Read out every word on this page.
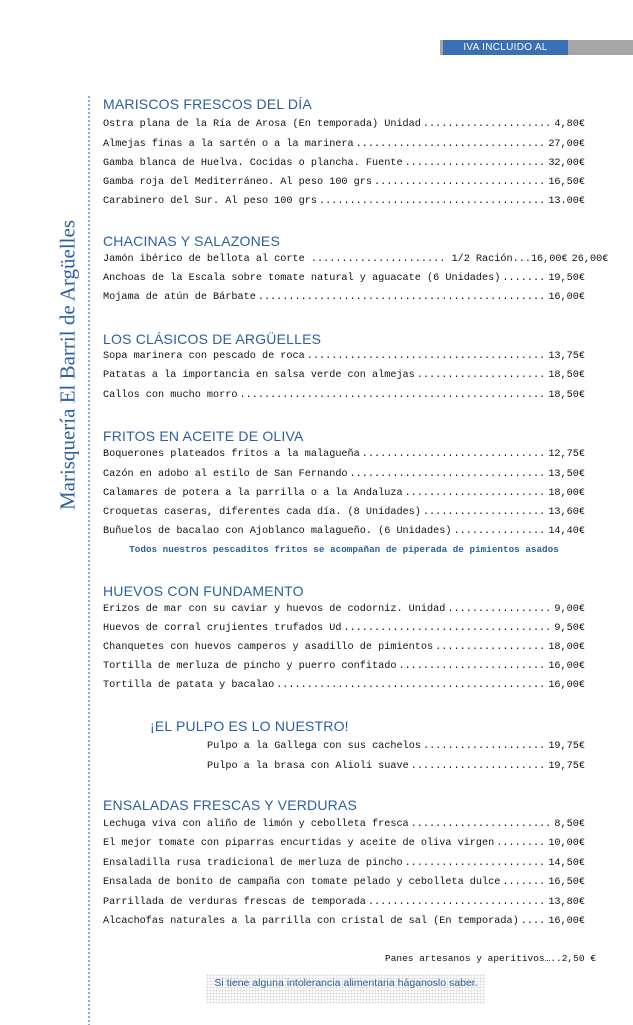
IVA INCLUIDO AL
Marisquería El Barril de Argüelles
MARISCOS FRESCOS DEL DÍA
Ostra plana de la Ría de Arosa (En temporada) Unidad .....	4,80€
Almejas finas a la sartén o a la marinera .....	27,00€
Gamba blanca de Huelva. Cocidas o plancha. Fuente .....	32,00€
Gamba roja del Mediterráneo. Al peso 100 grs .....	16,50€
Carabinero del Sur. Al peso 100 grs .....	13.00€
CHACINAS Y SALAZONES
Jamón ibérico de bellota al corte ...................... 1/2 Ración...16,00€ 26,00€
Anchoas de la Escala sobre tomate natural y aguacate (6 Unidades) .....	19,50€
Mojama de atún de Bárbate .....	16,00€
LOS CLÁSICOS DE ARGÜELLES
Sopa marinera con pescado de roca .....	13,75€
Patatas a la importancia en salsa verde con almejas .....	18,50€
Callos con mucho morro .....	18,50€
FRITOS EN ACEITE DE OLIVA
Boquerones plateados fritos a la malagueña .....	12,75€
Cazón en adobo al estilo de San Fernando .....	13,50€
Calamares de potera a la parrilla o a la Andaluza .....	18,00€
Croquetas caseras, diferentes cada día. (8 Unidades) .....	13,60€
Buñuelos de bacalao con Ajoblanco malagueño. (6 Unidades) .....	14,40€
Todos nuestros pescaditos fritos se acompañan de piperada de pimientos asados
HUEVOS CON FUNDAMENTO
Erizos de mar con su caviar y huevos de codorniz. Unidad .....	9,00€
Huevos de corral crujientes trufados Ud .....	9,50€
Chanquetes con huevos camperos y asadillo de pimientos .....	18,00€
Tortilla de merluza de pincho y puerro confitado .....	16,00€
Tortilla de patata y bacalao .....	16,00€
¡EL PULPO ES LO NUESTRO!
Pulpo a la Gallega con sus cachelos .....	19,75€
Pulpo a la brasa con Alioli suave .....	19,75€
ENSALADAS FRESCAS Y VERDURAS
Lechuga viva con aliño de limón y cebolleta fresca .....	8,50€
El mejor tomate con piparras encurtidas y aceite de oliva virgen .....	10,00€
Ensaladilla rusa tradicional de merluza de pincho .....	14,50€
Ensalada de bonito de campaña con tomate pelado y cebolleta dulce .....	16,50€
Parrillada de verduras frescas de temporada .....	13,80€
Alcachofas naturales a la parrilla con cristal de sal (En temporada) .....	16,00€
Panes artesanos y aperitivos…..2,50 €
Si tiene alguna intolerancia alimentaria háganoslo saber.
